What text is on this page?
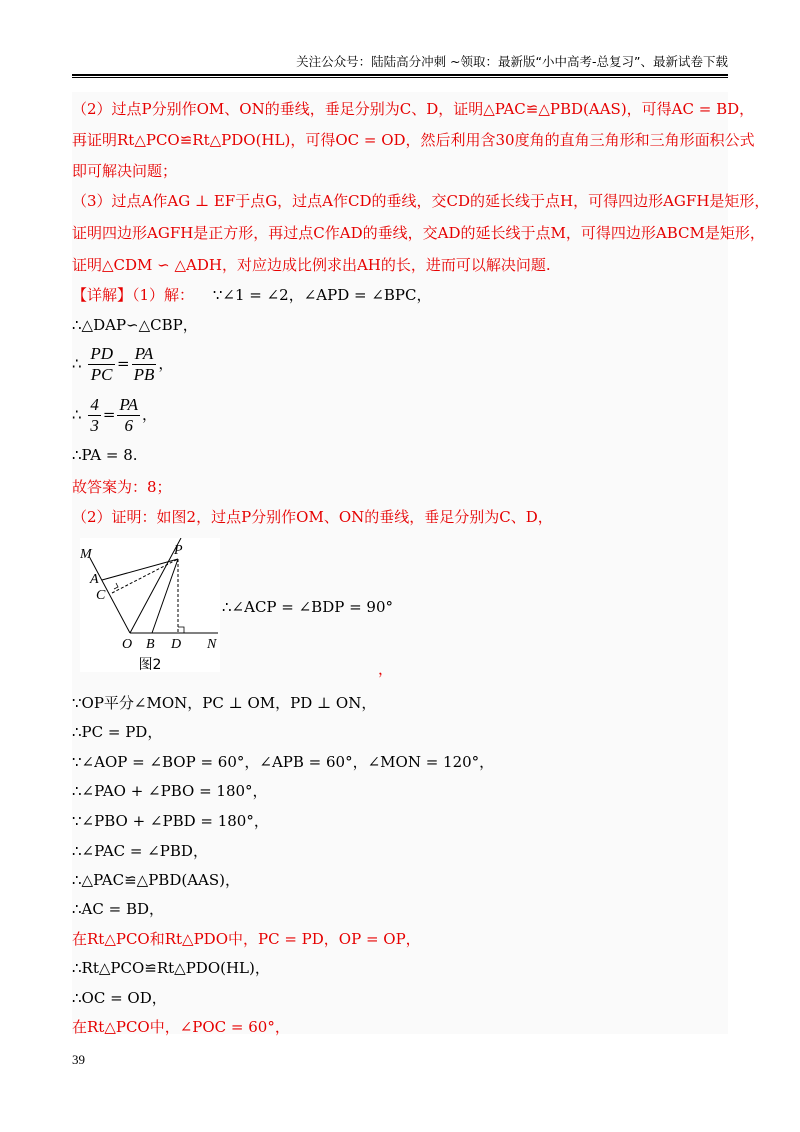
关注公众号：陆陆高分冲刺 ~领取：最新版“小中高考-总复习”、最新试卷下载
（2）过点P分别作OM、ON的垂线，垂足分别为C、D，证明△PAC≌△PBD(AAS)，可得AC = BD，
再证明Rt△PCO≌Rt△PDO(HL)，可得OC = OD，然后利用含30度角的直角三角形和三角形面积公式
即可解决问题；
（3）过点A作AG ⊥ EF于点G，过点A作CD的垂线，交CD的延长线于点H，可得四边形AGFH是矩形，
证明四边形AGFH是正方形，再过点C作AD的垂线，交AD的延长线于点M，可得四边形ABCM是矩形，
证明△CDM ∽ △ADH，对应边成比例求出AH的长，进而可以解决问题.
【详解】（1）解： ∵∠1 = ∠2，∠APD = ∠BPC，
∴△DAP∽△CBP，
∴ $\frac{PD}{PC} = \frac{PA}{PB}$ ，
∴ $\frac{4}{3} = \frac{PA}{6}$ ，
∴PA = 8.
故答案为：8；
（2）证明：如图2，过点P分别作OM、ON的垂线，垂足分别为C、D，
M	P
A
C
O B D N
图2
∴∠ACP = ∠BDP = 90°
，
∵OP平分∠MON，PC ⊥ OM，PD ⊥ ON，
∴PC = PD，
∵∠AOP = ∠BOP = 60°，∠APB = 60°，∠MON = 120°，
∴∠PAO + ∠PBO = 180°，
∵∠PBO + ∠PBD = 180°，
∴∠PAC = ∠PBD，
∴△PAC≌△PBD(AAS)，
∴AC = BD，
在Rt△PCO和Rt△PDO中，PC = PD，OP = OP，
∴Rt△PCO≌Rt△PDO(HL)，
∴OC = OD，
在Rt△PCO中，∠POC = 60°，
39
